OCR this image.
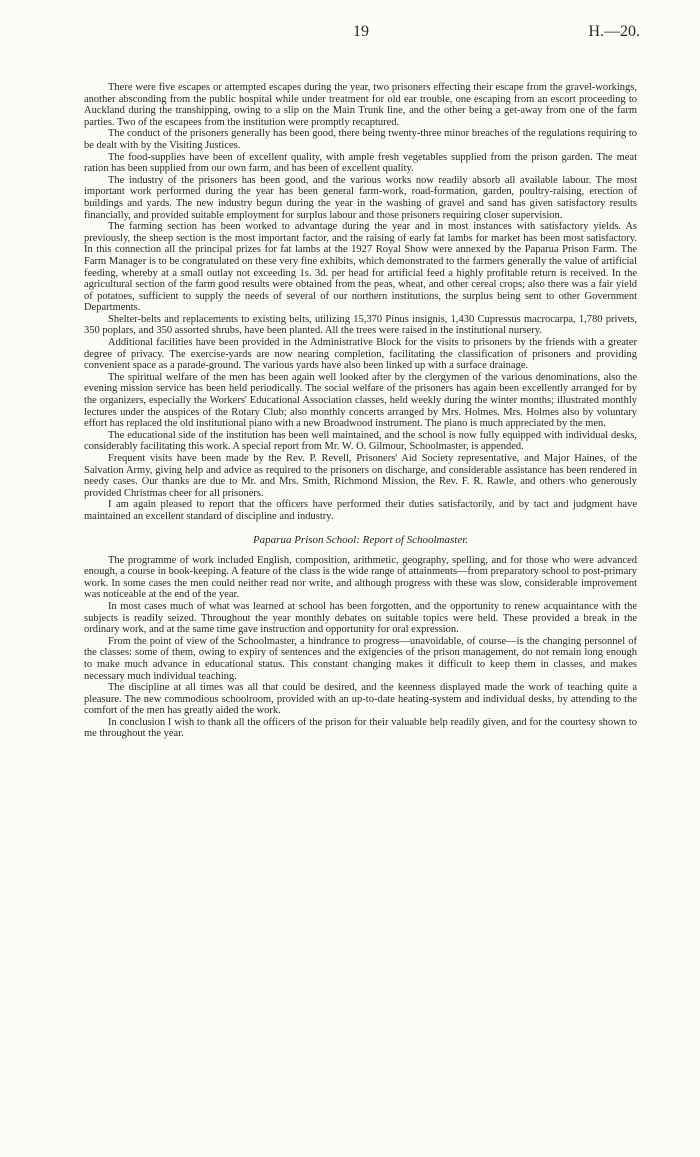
19	H.—20.

There were five escapes or attempted escapes during the year, two prisoners effecting their escape from the gravel-workings, another absconding from the public hospital while under treatment for old ear trouble, one escaping from an escort proceeding to Auckland during the transhipping, owing to a slip on the Main Trunk line, and the other being a get-away from one of the farm parties. Two of the escapees from the institution were promptly recaptured.

The conduct of the prisoners generally has been good, there being twenty-three minor breaches of the regulations requiring to be dealt with by the Visiting Justices.

The food-supplies have been of excellent quality, with ample fresh vegetables supplied from the prison garden. The meat ration has been supplied from our own farm, and has been of excellent quality.

The industry of the prisoners has been good, and the various works now readily absorb all available labour. The most important work performed during the year has been general farm-work, road-formation, garden, poultry-raising, erection of buildings and yards. The new industry begun during the year in the washing of gravel and sand has given satisfactory results financially, and provided suitable employment for surplus labour and those prisoners requiring closer supervision.

The farming section has been worked to advantage during the year and in most instances with satisfactory yields. As previously, the sheep section is the most important factor, and the raising of early fat lambs for market has been most satisfactory. In this connection all the principal prizes for fat lambs at the 1927 Royal Show were annexed by the Paparua Prison Farm. The Farm Manager is to be congratulated on these very fine exhibits, which demonstrated to the farmers generally the value of artificial feeding, whereby at a small outlay not exceeding 1s. 3d. per head for artificial feed a highly profitable return is received. In the agricultural section of the farm good results were obtained from the peas, wheat, and other cereal crops; also there was a fair yield of potatoes, sufficient to supply the needs of several of our northern institutions, the surplus being sent to other Government Departments.

Shelter-belts and replacements to existing belts, utilizing 15,370 Pinus insignis, 1,430 Cupressus macrocarpa, 1,780 privets, 350 poplars, and 350 assorted shrubs, have been planted. All the trees were raised in the institutional nursery.

Additional facilities have been provided in the Administrative Block for the visits to prisoners by the friends with a greater degree of privacy. The exercise-yards are now nearing completion, facilitating the classification of prisoners and providing convenient space as a parade-ground. The various yards have also been linked up with a surface drainage.

The spiritual welfare of the men has been again well looked after by the clergymen of the various denominations, also the evening mission service has been held periodically. The social welfare of the prisoners has again been excellently arranged for by the organizers, especially the Workers' Educational Association classes, held weekly during the winter months; illustrated monthly lectures under the auspices of the Rotary Club; also monthly concerts arranged by Mrs. Holmes. Mrs. Holmes also by voluntary effort has replaced the old institutional piano with a new Broadwood instrument. The piano is much appreciated by the men.

The educational side of the institution has been well maintained, and the school is now fully equipped with individual desks, considerably facilitating this work. A special report from Mr. W. O. Gilmour, Schoolmaster, is appended.

Frequent visits have been made by the Rev. P. Revell, Prisoners' Aid Society representative, and Major Haines, of the Salvation Army, giving help and advice as required to the prisoners on discharge, and considerable assistance has been rendered in needy cases. Our thanks are due to Mr. and Mrs. Smith, Richmond Mission, the Rev. F. R. Rawle, and others who generously provided Christmas cheer for all prisoners.

I am again pleased to report that the officers have performed their duties satisfactorily, and by tact and judgment have maintained an excellent standard of discipline and industry.

Paparua Prison School: Report of Schoolmaster.

The programme of work included English, composition, arithmetic, geography, spelling, and for those who were advanced enough, a course in book-keeping. A feature of the class is the wide range of attainments—from preparatory school to post-primary work. In some cases the men could neither read nor write, and although progress with these was slow, considerable improvement was noticeable at the end of the year.

In most cases much of what was learned at school has been forgotten, and the opportunity to renew acquaintance with the subjects is readily seized. Throughout the year monthly debates on suitable topics were held. These provided a break in the ordinary work, and at the same time gave instruction and opportunity for oral expression.

From the point of view of the Schoolmaster, a hindrance to progress—unavoidable, of course—is the changing personnel of the classes: some of them, owing to expiry of sentences and the exigencies of the prison management, do not remain long enough to make much advance in educational status. This constant changing makes it difficult to keep them in classes, and makes necessary much individual teaching.

The discipline at all times was all that could be desired, and the keenness displayed made the work of teaching quite a pleasure. The new commodious schoolroom, provided with an up-to-date heating-system and individual desks, by attending to the comfort of the men has greatly aided the work.

In conclusion I wish to thank all the officers of the prison for their valuable help readily given, and for the courtesy shown to me throughout the year.
